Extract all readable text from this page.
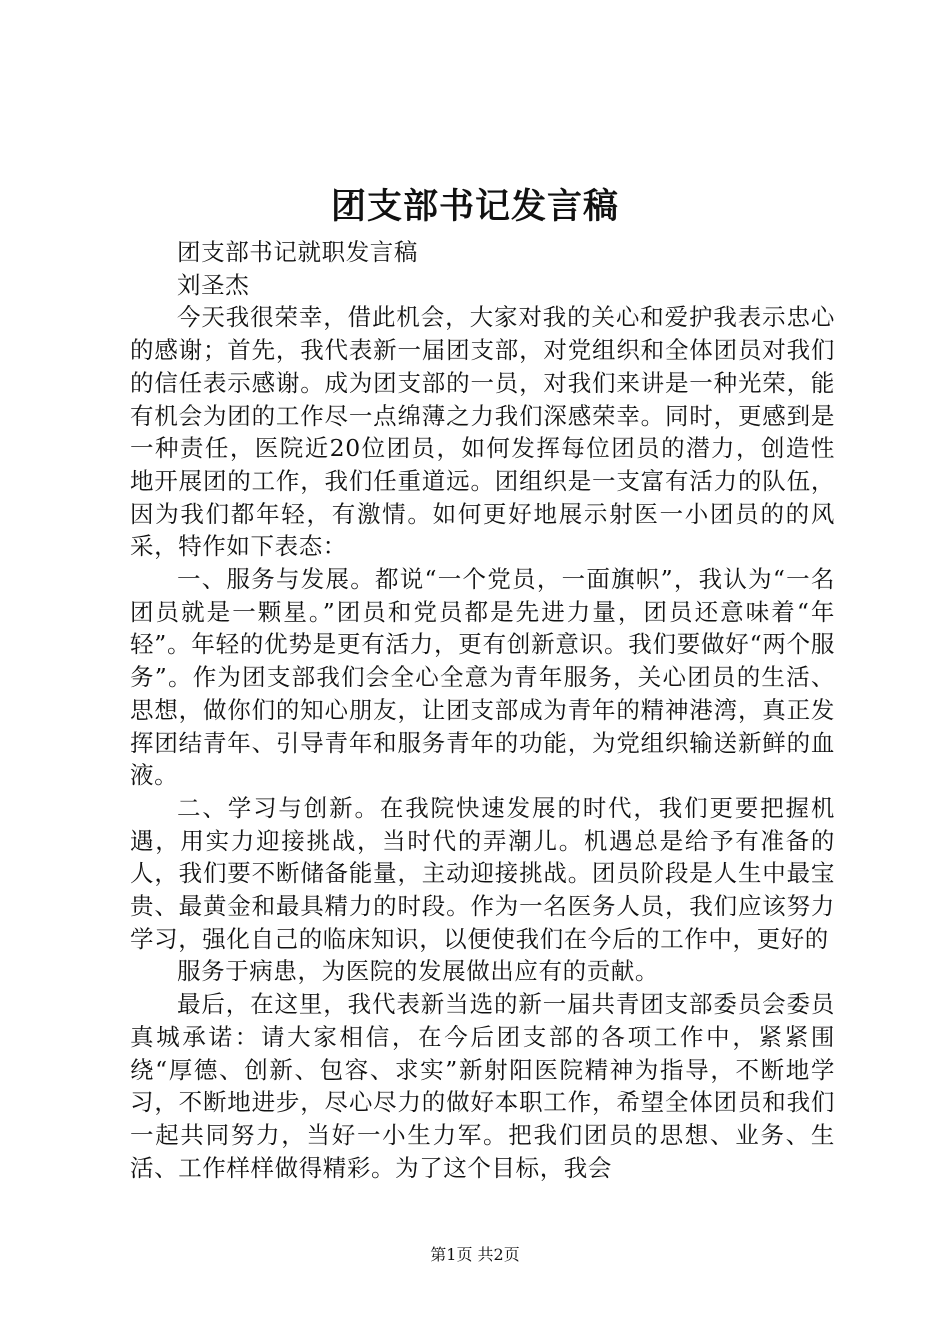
团支部书记发言稿

团支部书记就职发言稿

刘圣杰

今天我很荣幸，借此机会，大家对我的关心和爱护我表示忠心的感谢；首先，我代表新一届团支部，对党组织和全体团员对我们的信任表示感谢。成为团支部的一员，对我们来讲是一种光荣，能有机会为团的工作尽一点绵薄之力我们深感荣幸。同时，更感到是一种责任，医院近20位团员，如何发挥每位团员的潜力，创造性地开展团的工作，我们任重道远。团组织是一支富有活力的队伍，因为我们都年轻，有激情。如何更好地展示射医一小团员的的风采，特作如下表态：

一、服务与发展。都说“一个党员，一面旗帜”，我认为“一名团员就是一颗星。”团员和党员都是先进力量，团员还意味着“年轻”。年轻的优势是更有活力，更有创新意识。我们要做好“两个服务”。作为团支部我们会全心全意为青年服务，关心团员的生活、思想，做你们的知心朋友，让团支部成为青年的精神港湾，真正发挥团结青年、引导青年和服务青年的功能，为党组织输送新鲜的血液。

二、学习与创新。在我院快速发展的时代，我们更要把握机遇，用实力迎接挑战，当时代的弄潮儿。机遇总是给予有准备的人，我们要不断储备能量，主动迎接挑战。团员阶段是人生中最宝贵、最黄金和最具精力的时段。作为一名医务人员，我们应该努力学习，强化自己的临床知识，以便使我们在今后的工作中，更好的

服务于病患，为医院的发展做出应有的贡献。

最后，在这里，我代表新当选的新一届共青团支部委员会委员真城承诺：请大家相信，在今后团支部的各项工作中，紧紧围绕“厚德、创新、包容、求实”新射阳医院精神为指导，不断地学习，不断地进步，尽心尽力的做好本职工作，希望全体团员和我们一起共同努力，当好一小生力军。把我们团员的思想、业务、生活、工作样样做得精彩。为了这个目标，我会

第1页 共2页
